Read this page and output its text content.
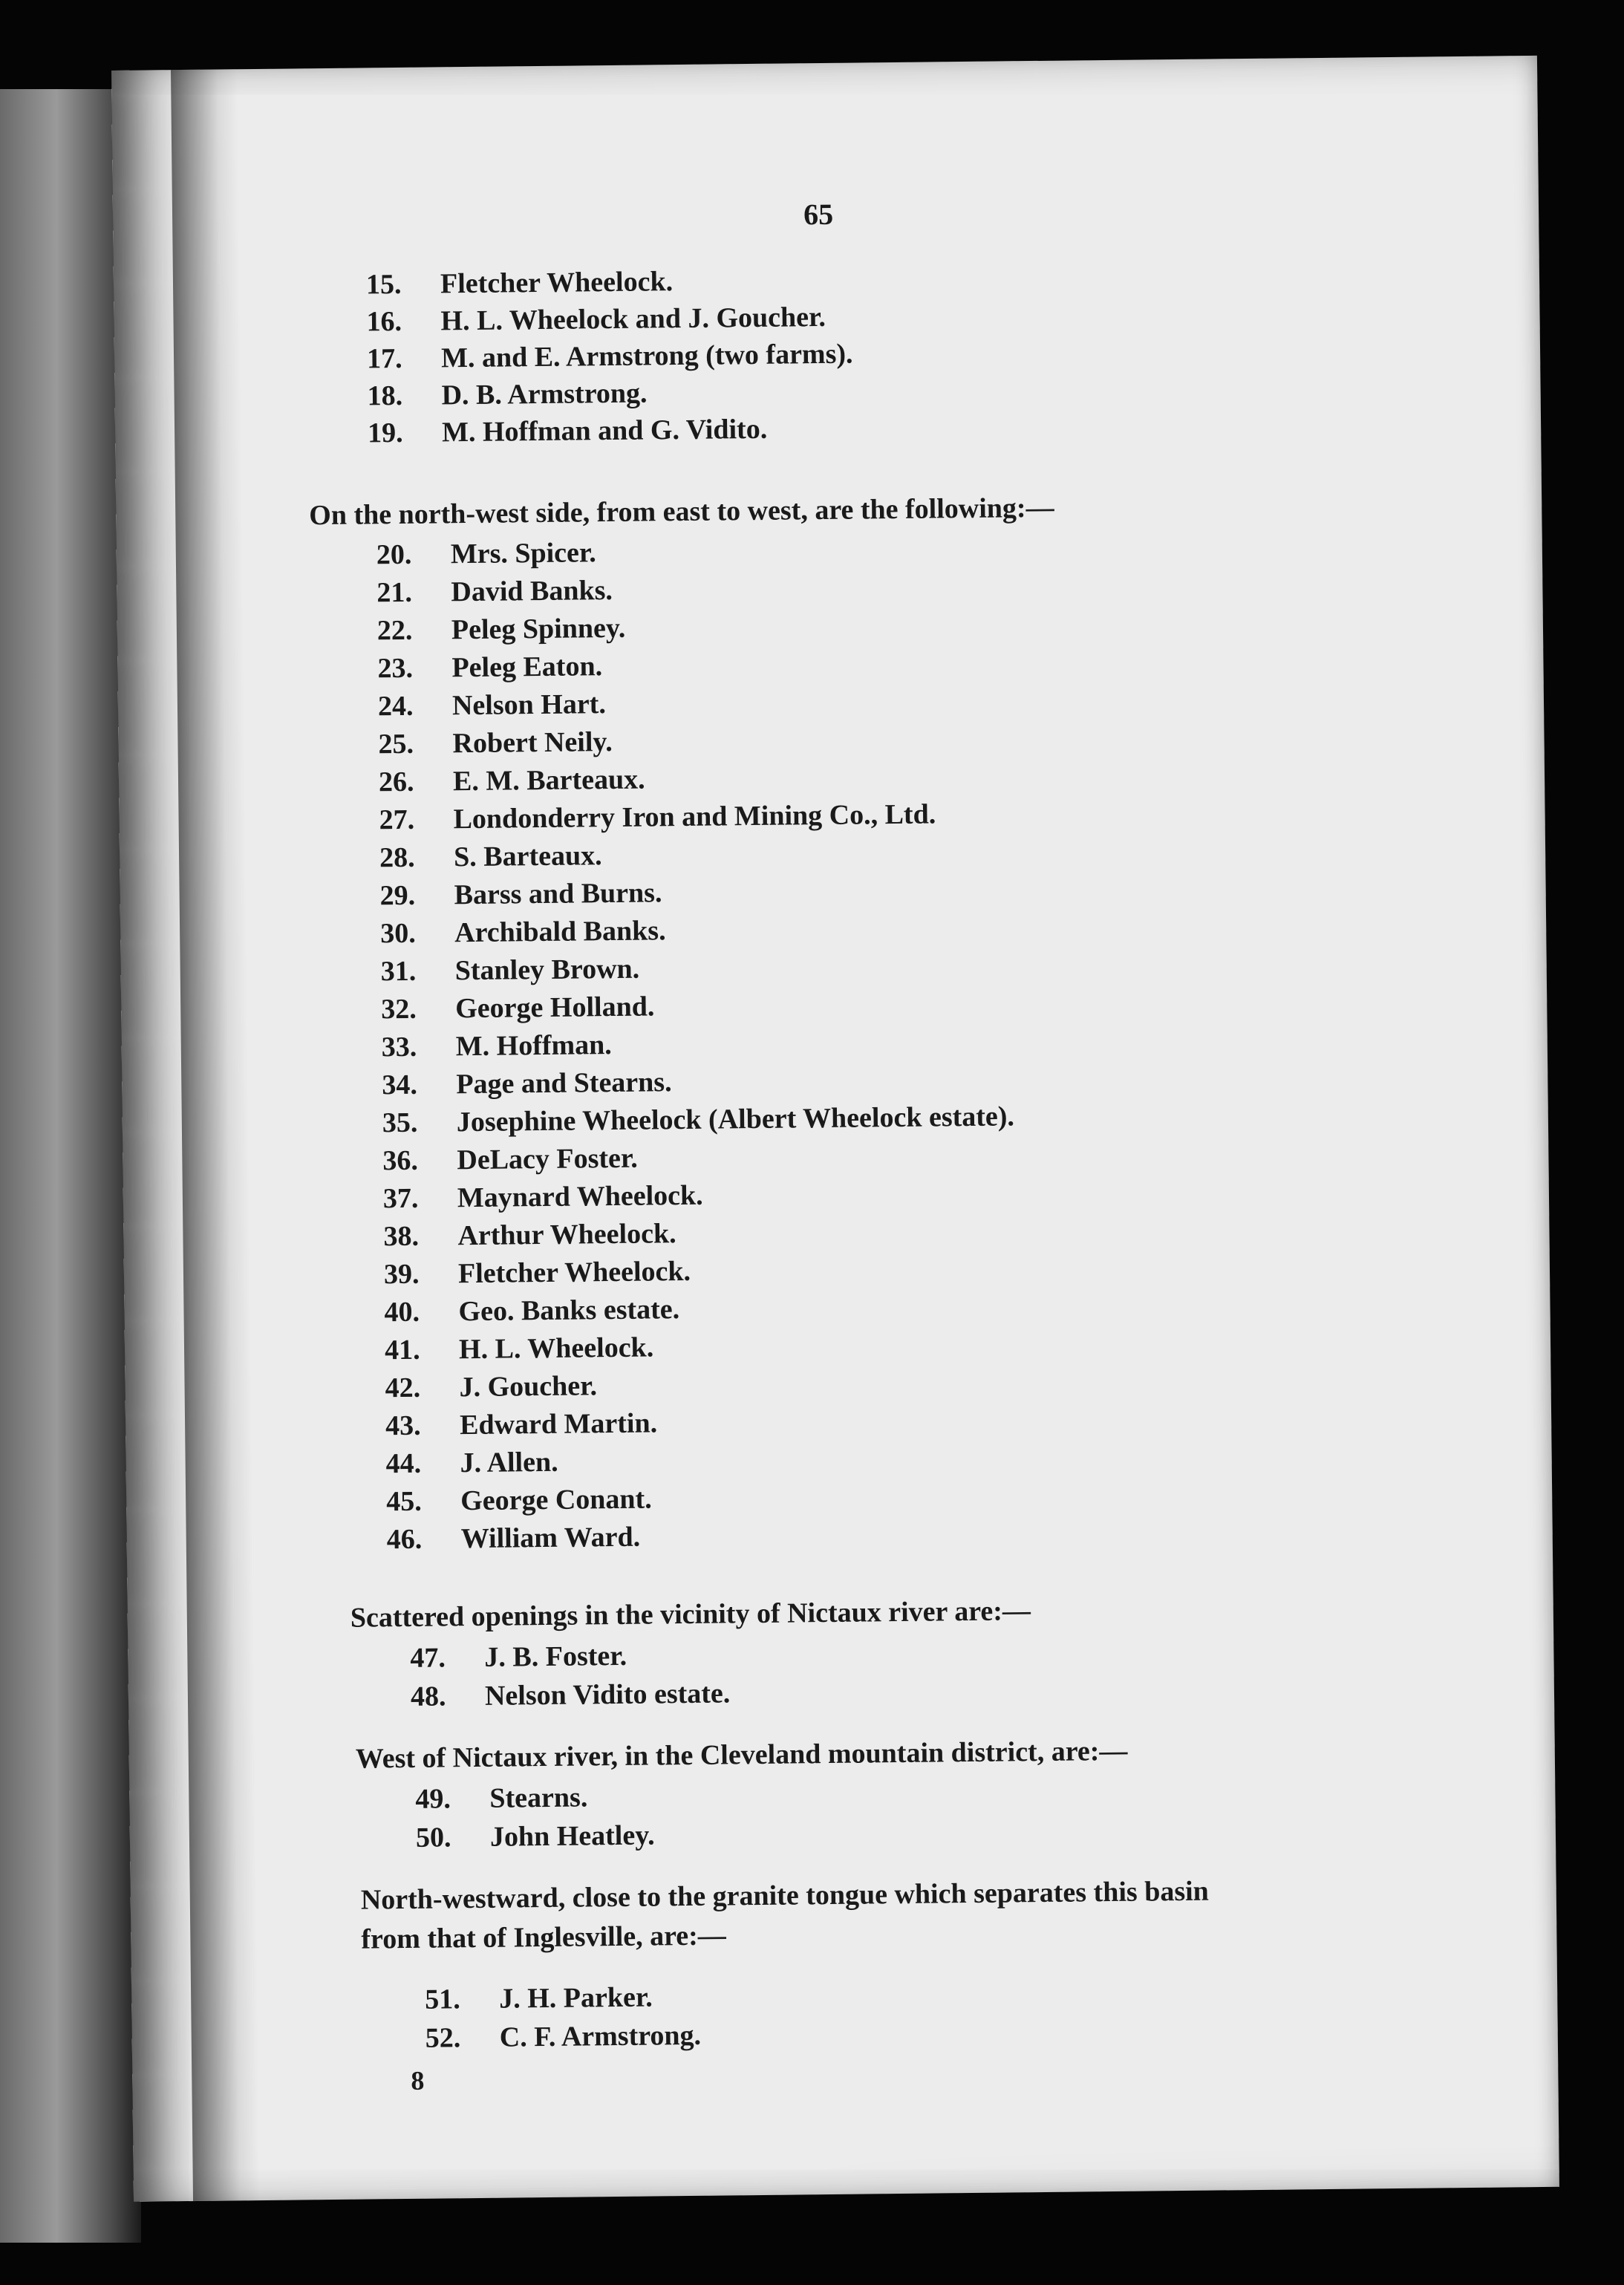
65
15. Fletcher Wheelock.
16. H. L. Wheelock and J. Goucher.
17. M. and E. Armstrong (two farms).
18. D. B. Armstrong.
19. M. Hoffman and G. Vidito.
On the north-west side, from east to west, are the following:—
20. Mrs. Spicer.
21. David Banks.
22. Peleg Spinney.
23. Peleg Eaton.
24. Nelson Hart.
25. Robert Neily.
26. E. M. Barteaux.
27. Londonderry Iron and Mining Co., Ltd.
28. S. Barteaux.
29. Barss and Burns.
30. Archibald Banks.
31. Stanley Brown.
32. George Holland.
33. M. Hoffman.
34. Page and Stearns.
35. Josephine Wheelock (Albert Wheelock estate).
36. DeLacy Foster.
37. Maynard Wheelock.
38. Arthur Wheelock.
39. Fletcher Wheelock.
40. Geo. Banks estate.
41. H. L. Wheelock.
42. J. Goucher.
43. Edward Martin.
44. J. Allen.
45. George Conant.
46. William Ward.
Scattered openings in the vicinity of Nictaux river are:—
47. J. B. Foster.
48. Nelson Vidito estate.
West of Nictaux river, in the Cleveland mountain district, are:—
49. Stearns.
50. John Heatley.
North-westward, close to the granite tongue which separates this basin
from that of Inglesville, are:—
51. J. H. Parker.
52. C. F. Armstrong.
8
